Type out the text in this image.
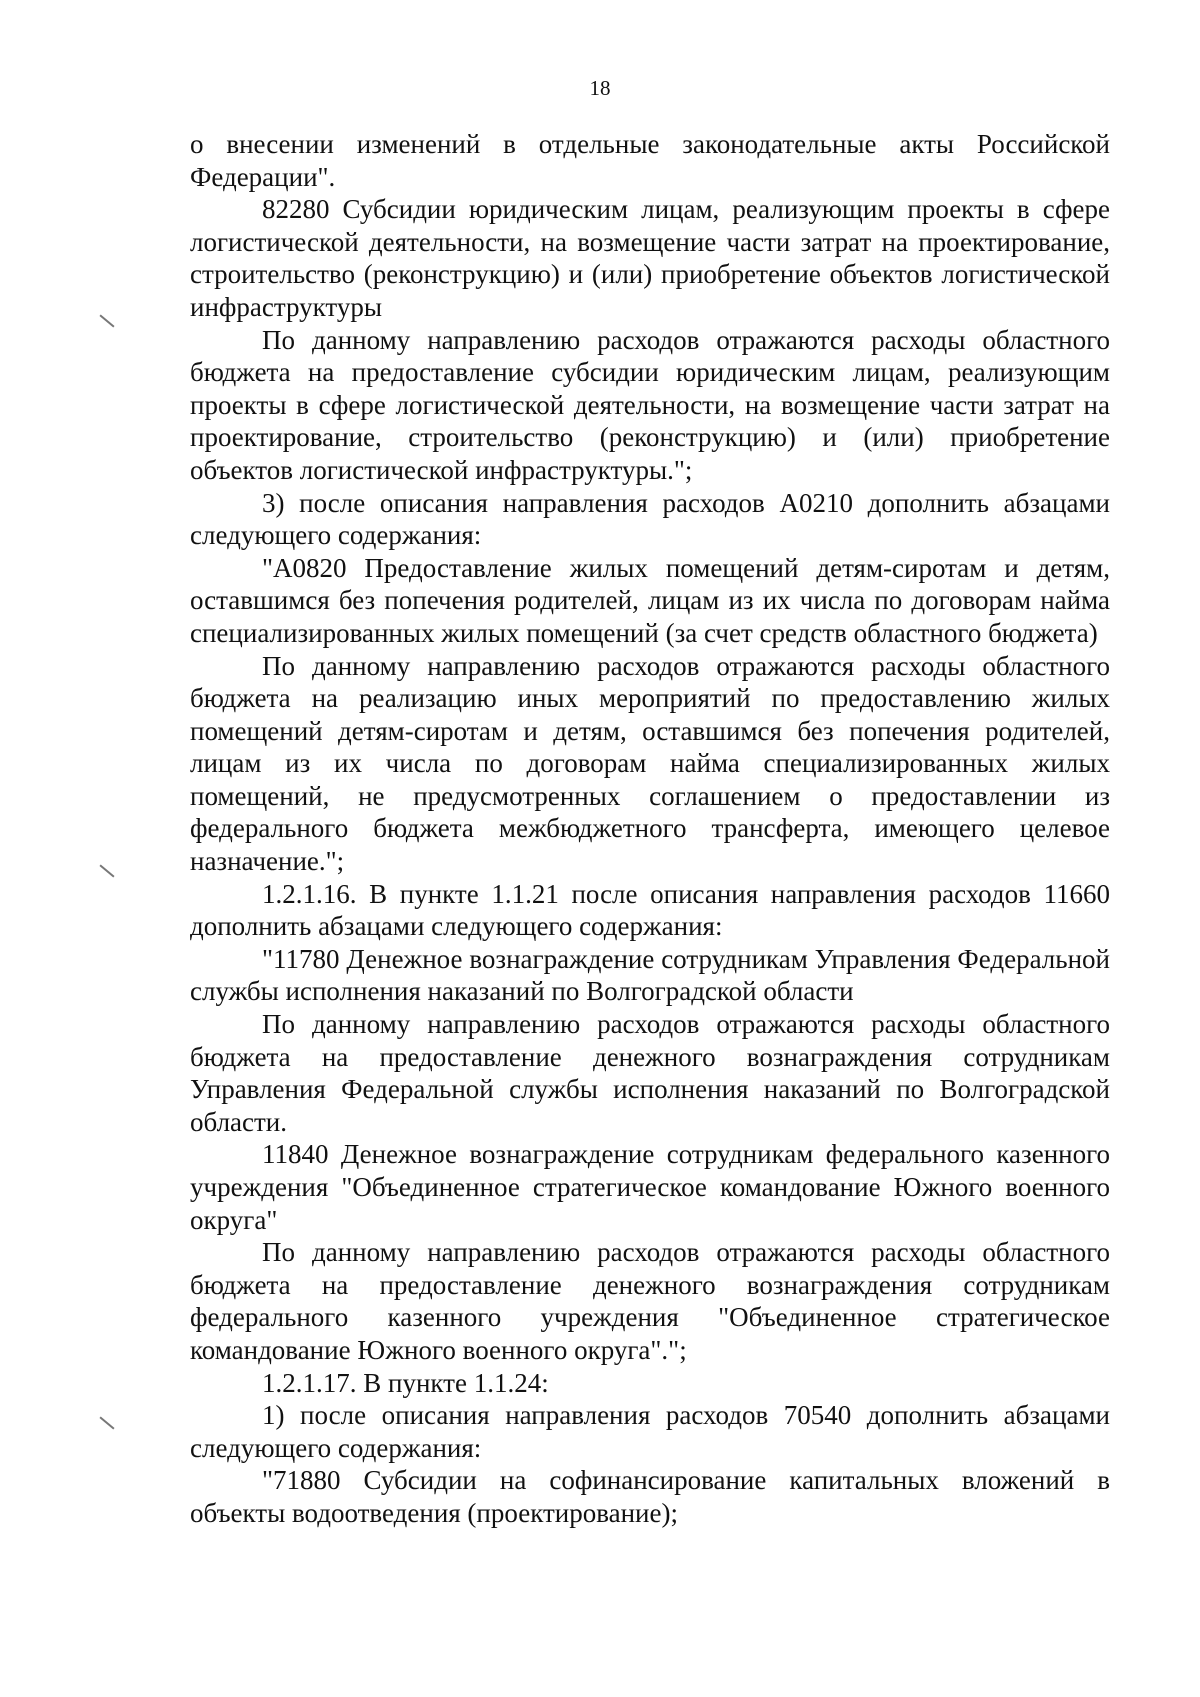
18

о внесении изменений в отдельные законодательные акты Российской Федерации".

82280 Субсидии юридическим лицам, реализующим проекты в сфере логистической деятельности, на возмещение части затрат на проектирование, строительство (реконструкцию) и (или) приобретение объектов логистической инфраструктуры

По данному направлению расходов отражаются расходы областного бюджета на предоставление субсидии юридическим лицам, реализующим проекты в сфере логистической деятельности, на возмещение части затрат на проектирование, строительство (реконструкцию) и (или) приобретение объектов логистической инфраструктуры.";

3) после описания направления расходов А0210 дополнить абзацами следующего содержания:

"А0820 Предоставление жилых помещений детям-сиротам и детям, оставшимся без попечения родителей, лицам из их числа по договорам найма специализированных жилых помещений (за счет средств областного бюджета)

По данному направлению расходов отражаются расходы областного бюджета на реализацию иных мероприятий по предоставлению жилых помещений детям-сиротам и детям, оставшимся без попечения родителей, лицам из их числа по договорам найма специализированных жилых помещений, не предусмотренных соглашением о предоставлении из федерального бюджета межбюджетного трансферта, имеющего целевое назначение.";

1.2.1.16. В пункте 1.1.21 после описания направления расходов 11660 дополнить абзацами следующего содержания:

"11780 Денежное вознаграждение сотрудникам Управления Федеральной службы исполнения наказаний по Волгоградской области

По данному направлению расходов отражаются расходы областного бюджета на предоставление денежного вознаграждения сотрудникам Управления Федеральной службы исполнения наказаний по Волгоградской области.

11840 Денежное вознаграждение сотрудникам федерального казенного учреждения "Объединенное стратегическое командование Южного военного округа"

По данному направлению расходов отражаются расходы областного бюджета на предоставление денежного вознаграждения сотрудникам федерального казенного учреждения "Объединенное стратегическое командование Южного военного округа".";

1.2.1.17. В пункте 1.1.24:

1) после описания направления расходов 70540 дополнить абзацами следующего содержания:

"71880 Субсидии на софинансирование капитальных вложений в объекты водоотведения (проектирование);
